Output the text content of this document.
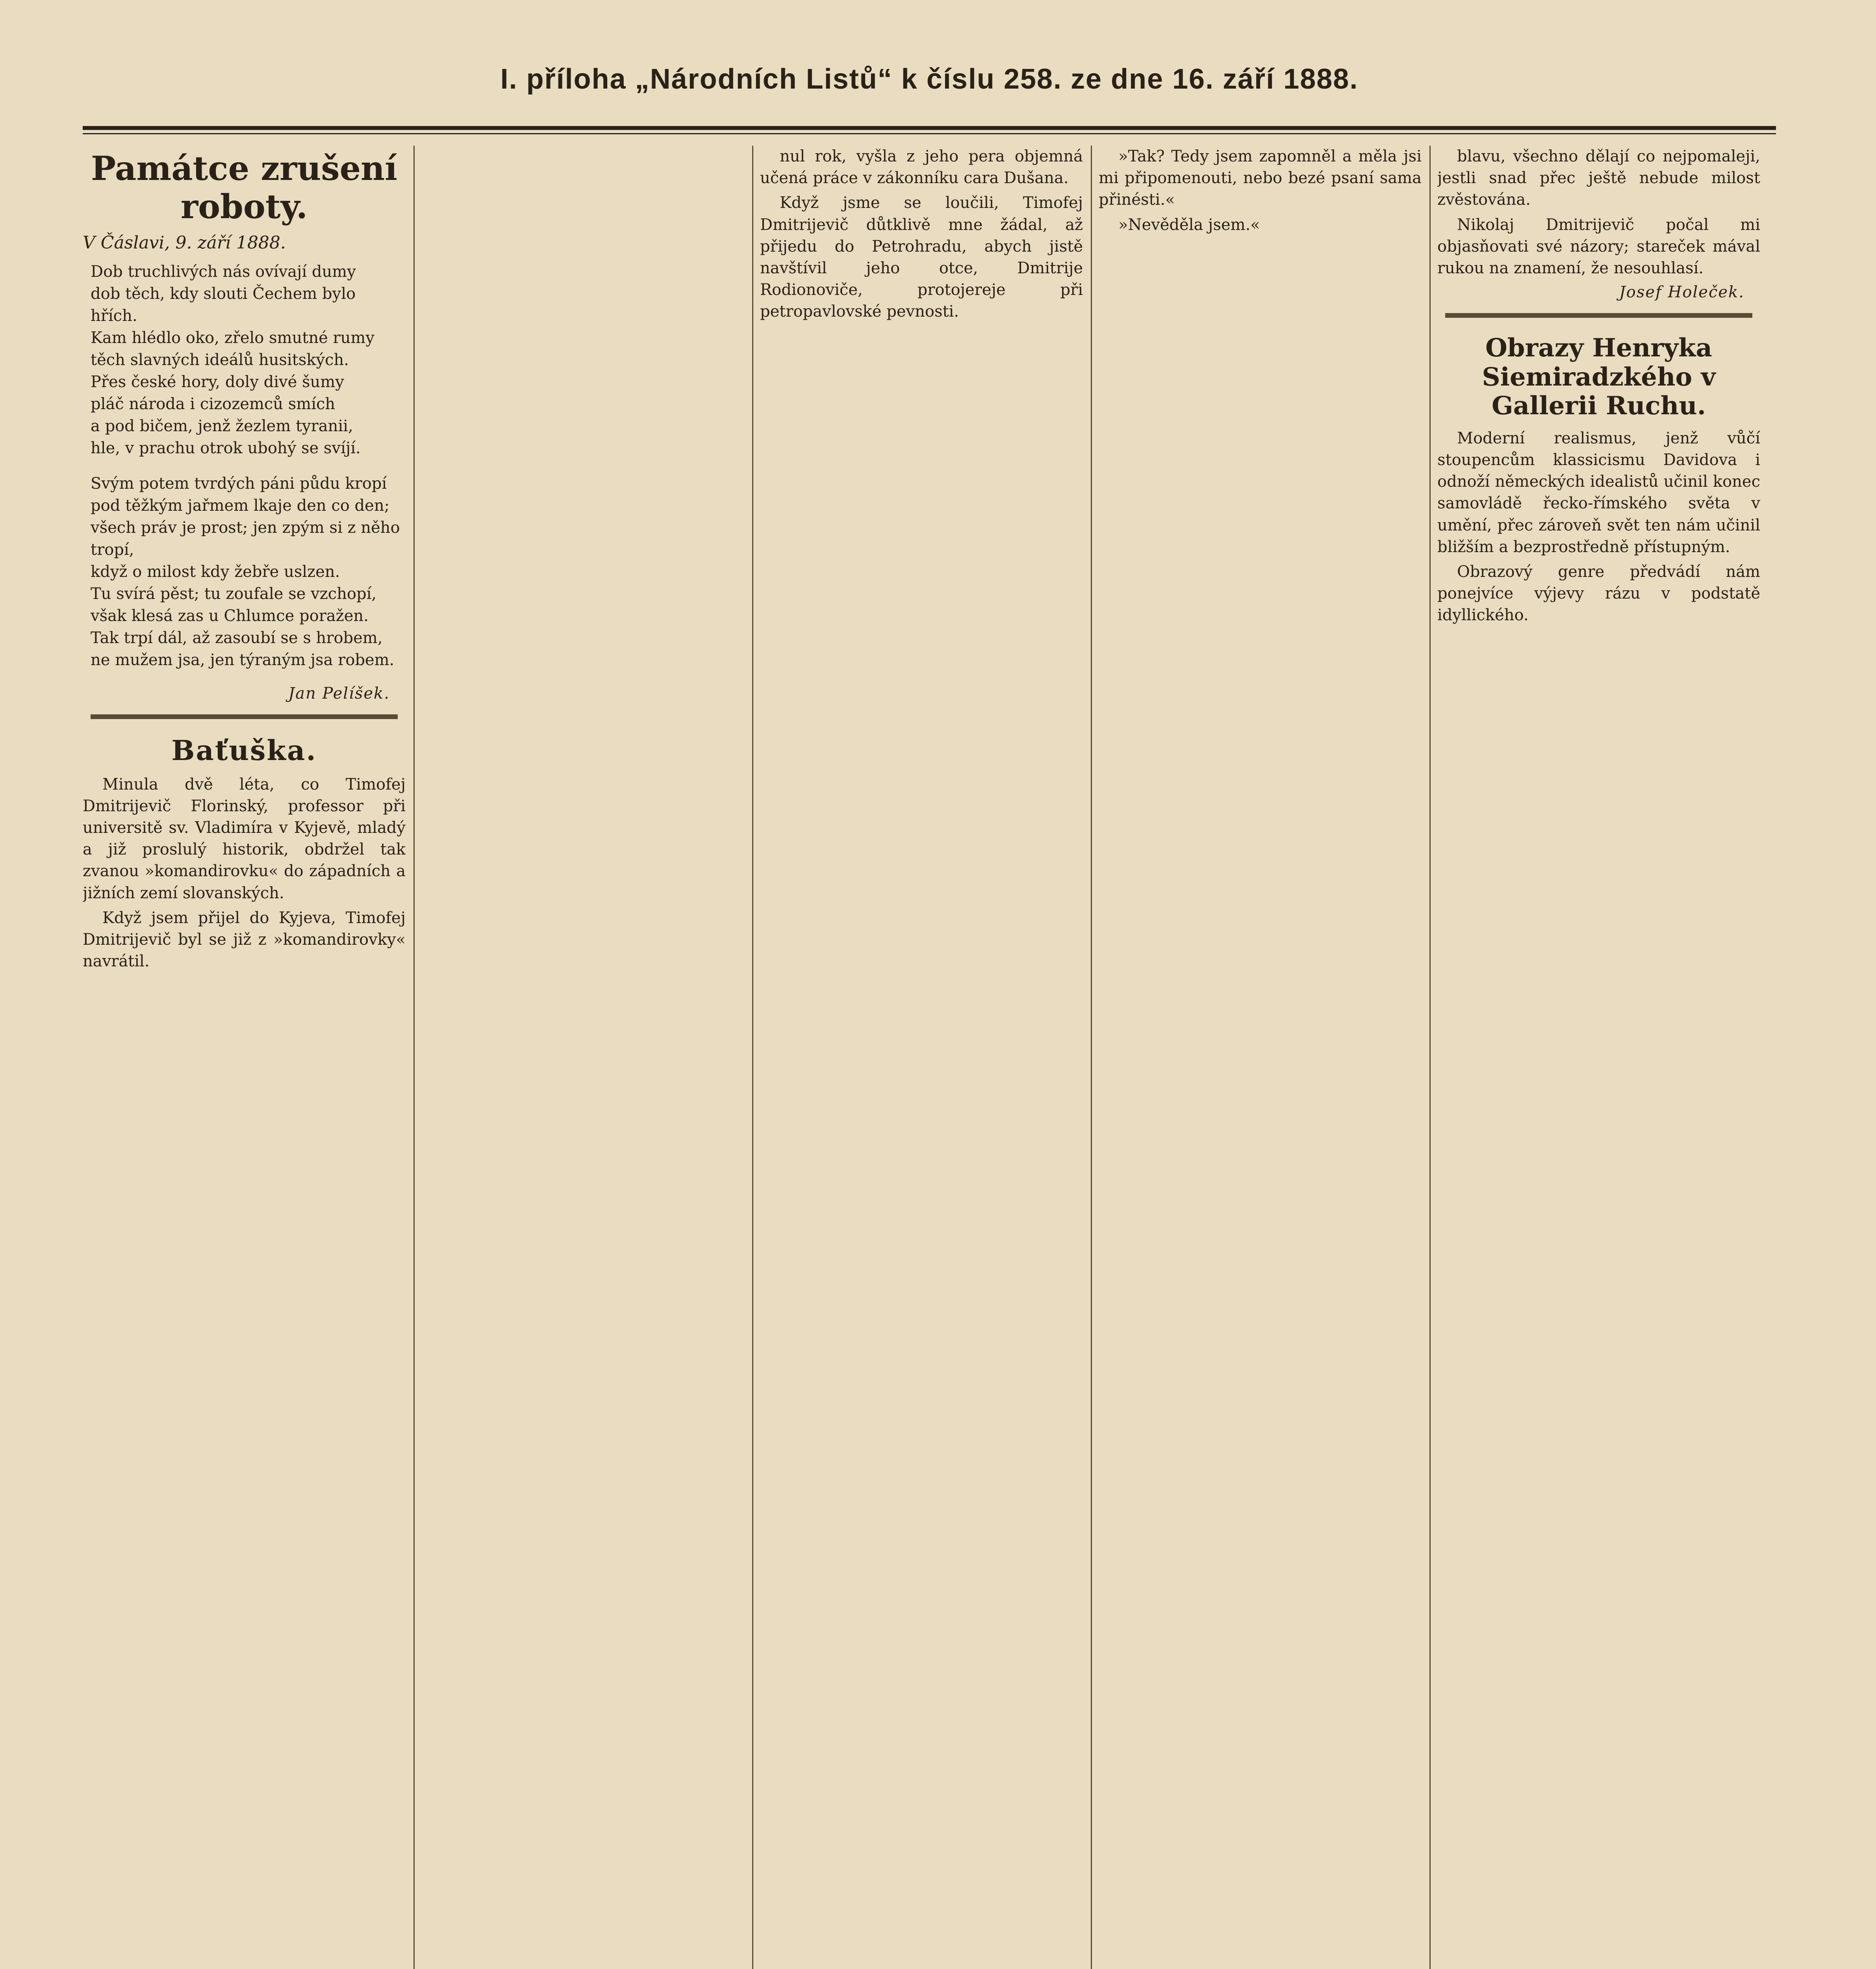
I. příloha „Národních Listů“ k číslu 258. ze dne 16. září 1888.
Památce zrušení roboty.
V Čáslavi, 9. září 1888.

Dob truchlivých nás ovívají dumy
dob těch, kdy slouti Čechem bylo hřích.
Kam hlédlo oko, zřelo smutné rumy
těch slavných ideálů husitských.
Přes české hory, doly divé šumy
pláč národa i cizozemců smích
a pod bičem, jenž žezlem tyranii,
hle, v prachu otrok ubohý se svíjí.

Svým potem tvrdých páni půdu kropí
pod těžkým jařmem lkaje den co den;
všech práv je prost; jen zpým si z něho tropí,
když o milost kdy žebře uslzen.
Tu svírá pěst; tu zoufale se vzchopí,
však klesá zas u Chlumce poražen.
Tak trpí dál, až zasoubí se s hrobem,
ne mužem jsa, jen týraným jsa robem.

Jan Pelíšek.
Baťuška.

Minula dvě léta, co Timofej Dmitrijevič Florinský, professor při universitě sv. Vladimíra v Kyjevě, mladý a již proslulý historik, obdržel tak zvanou »komandirovku« do západních a jižních zemí slovanských.

Když jsem přijel do Kyjeva, Timofej Dmitrijevič byl se již z »komandirovky« navrátil.

nul rok, vyšla z jeho pera objemná učená práce v zákonníku cara Dušana.

Když jsme se loučili, Timofej Dmitrijevič důtklivě mne žádal, až přijedu do Petrohradu, abych jistě navštívil jeho otce, Dmitrije Rodionoviče, protojereje při petropavlovské pevnosti.

»Tak? Tedy jsem zapomněl a měla jsi mi připomenouti, nebo bezé psaní sama přinésti.«

»Nevěděla jsem.«

blavu, všechno dělají co nejpomaleji, jestli snad přec ještě nebude milost zvěstována.

Nikolaj Dmitrijevič počal mi objasňovati své názory; stareček mával rukou na znamení, že nesouhlasí.

Josef Holeček.
Obrazy Henryka Siemiradzkého v Gallerii Ruchu.

Moderní realismus, jenž vůčí stoupencům klassicismu Davidova i odnoží německých idealistů učinil konec samovládě řecko-římského světa v umění, přec zároveň svět ten nám učinil bližším a bezprostředně přístupným.

Obrazový genre předvádí nám ponejvíce výjevy rázu v podstatě idyllického.
